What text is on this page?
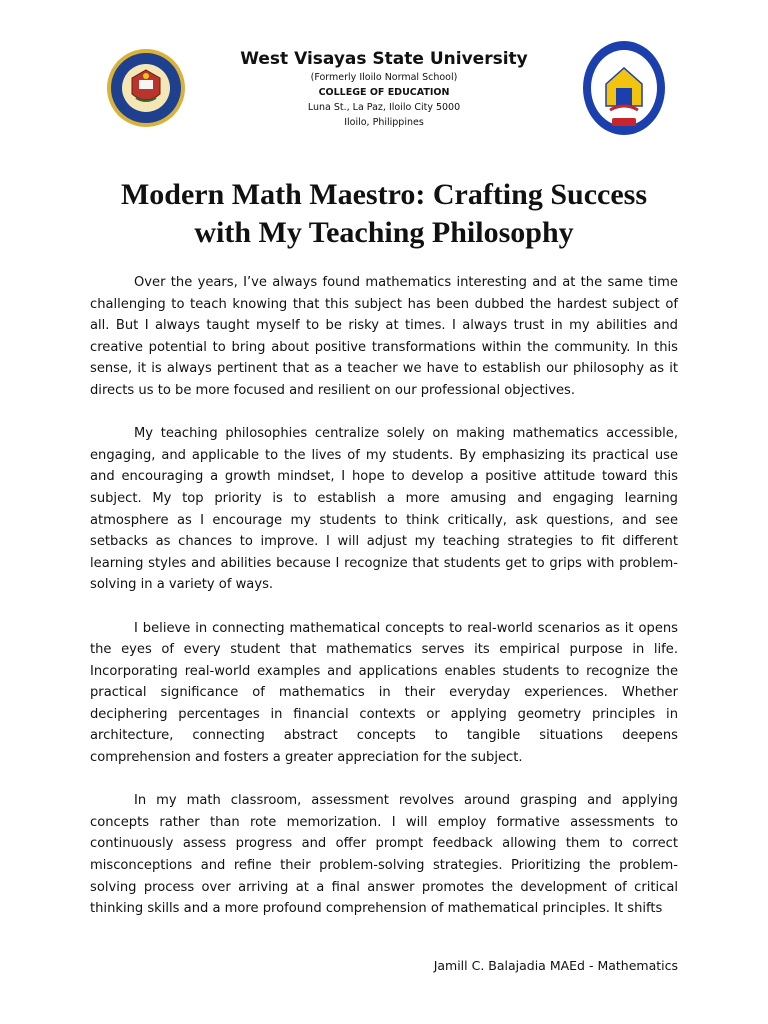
West Visayas State University

(Formerly Iloilo Normal School)

COLLEGE OF EDUCATION

Luna St., La Paz, Iloilo City 5000

Iloilo, Philippines

Modern Math Maestro: Crafting Success
with My Teaching Philosophy

Over the years, I’ve always found mathematics interesting and at the same time challenging to teach knowing that this subject has been dubbed the hardest subject of all. But I always taught myself to be risky at times. I always trust in my abilities and creative potential to bring about positive transformations within the community. In this sense, it is always pertinent that as a teacher we have to establish our philosophy as it directs us to be more focused and resilient on our professional objectives.

My teaching philosophies centralize solely on making mathematics accessible, engaging, and applicable to the lives of my students. By emphasizing its practical use and encouraging a growth mindset, I hope to develop a positive attitude toward this subject. My top priority is to establish a more amusing and engaging learning atmosphere as I encourage my students to think critically, ask questions, and see setbacks as chances to improve. I will adjust my teaching strategies to fit different learning styles and abilities because I recognize that students get to grips with problem-solving in a variety of ways.

I believe in connecting mathematical concepts to real-world scenarios as it opens the eyes of every student that mathematics serves its empirical purpose in life. Incorporating real-world examples and applications enables students to recognize the practical significance of mathematics in their everyday experiences. Whether deciphering percentages in financial contexts or applying geometry principles in architecture, connecting abstract concepts to tangible situations deepens comprehension and fosters a greater appreciation for the subject.

In my math classroom, assessment revolves around grasping and applying concepts rather than rote memorization. I will employ formative assessments to continuously assess progress and offer prompt feedback allowing them to correct misconceptions and refine their problem-solving strategies. Prioritizing the problem-solving process over arriving at a final answer promotes the development of critical thinking skills and a more profound comprehension of mathematical principles. It shifts

Jamill C. Balajadia MAEd - Mathematics
